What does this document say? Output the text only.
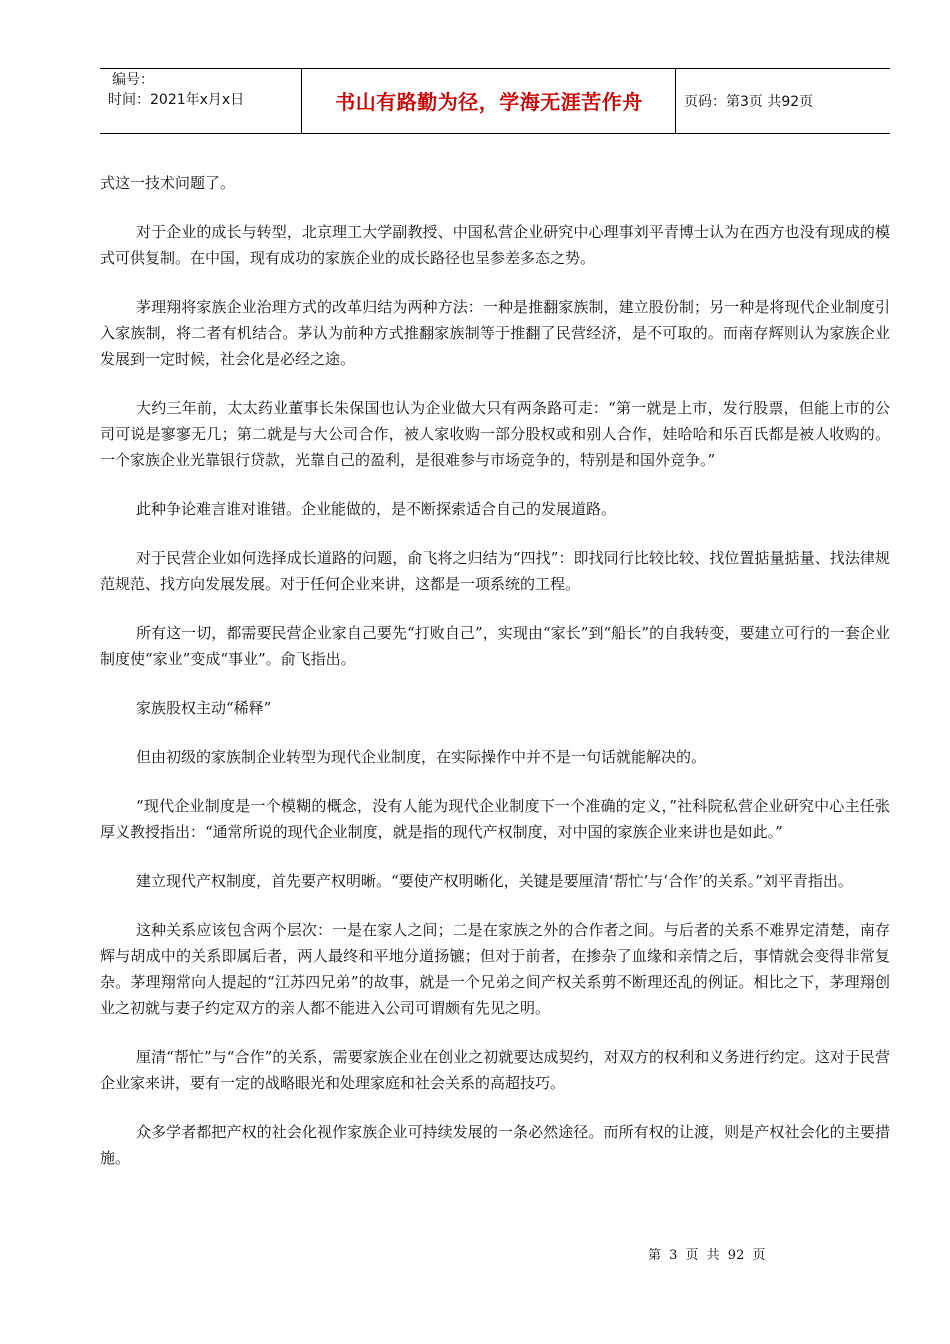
编号：
时间：2021年x月x日	书山有路勤为径，学海无涯苦作舟	页码：第3页 共92页

式这一技术问题了。

对于企业的成长与转型，北京理工大学副教授、中国私营企业研究中心理事刘平青博士认为在西方也没有现成的模式可供复制。在中国，现有成功的家族企业的成长路径也呈参差多态之势。

茅理翔将家族企业治理方式的改革归结为两种方法：一种是推翻家族制，建立股份制；另一种是将现代企业制度引入家族制，将二者有机结合。茅认为前种方式推翻家族制等于推翻了民营经济，是不可取的。而南存辉则认为家族企业发展到一定时候，社会化是必经之途。

大约三年前，太太药业董事长朱保国也认为企业做大只有两条路可走：“第一就是上市，发行股票，但能上市的公司可说是寥寥无几；第二就是与大公司合作，被人家收购一部分股权或和别人合作，娃哈哈和乐百氏都是被人收购的。一个家族企业光靠银行贷款，光靠自己的盈利，是很难参与市场竞争的，特别是和国外竞争。”

此种争论难言谁对谁错。企业能做的，是不断探索适合自己的发展道路。

对于民营企业如何选择成长道路的问题，俞飞将之归结为“四找”：即找同行比较比较、找位置掂量掂量、找法律规范规范、找方向发展发展。对于任何企业来讲，这都是一项系统的工程。

所有这一切，都需要民营企业家自己要先“打败自己”，实现由“家长”到“船长”的自我转变，要建立可行的一套企业制度使“家业”变成“事业”。俞飞指出。

家族股权主动“稀释”

但由初级的家族制企业转型为现代企业制度，在实际操作中并不是一句话就能解决的。

“现代企业制度是一个模糊的概念，没有人能为现代企业制度下一个准确的定义，”社科院私营企业研究中心主任张厚义教授指出：“通常所说的现代企业制度，就是指的现代产权制度，对中国的家族企业来讲也是如此。”

建立现代产权制度，首先要产权明晰。“要使产权明晰化，关键是要厘清‘帮忙’与‘合作’的关系。”刘平青指出。

这种关系应该包含两个层次：一是在家人之间；二是在家族之外的合作者之间。与后者的关系不难界定清楚，南存辉与胡成中的关系即属后者，两人最终和平地分道扬镳；但对于前者，在掺杂了血缘和亲情之后，事情就会变得非常复杂。茅理翔常向人提起的“江苏四兄弟”的故事，就是一个兄弟之间产权关系剪不断理还乱的例证。相比之下，茅理翔创业之初就与妻子约定双方的亲人都不能进入公司可谓颇有先见之明。

厘清“帮忙”与“合作”的关系，需要家族企业在创业之初就要达成契约，对双方的权利和义务进行约定。这对于民营企业家来讲，要有一定的战略眼光和处理家庭和社会关系的高超技巧。

众多学者都把产权的社会化视作家族企业可持续发展的一条必然途径。而所有权的让渡，则是产权社会化的主要措施。

第 3 页 共 92 页
